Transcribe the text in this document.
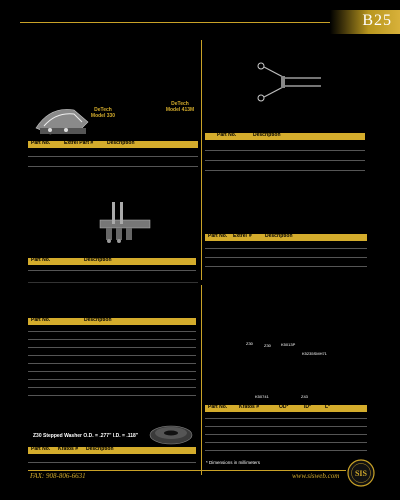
B25
DeTech
Model 330
DeTech
Model 413M
Part No.	Extrel Part #	Description
Part No.	Description
Part No.	Description
Part No. Extrel #	Description
Part No.	Description
Z30 Stepped Washer O.D. = .277" I.D. = .118"
Part No. Kratos # Description
Z30	Z30	K5013P
K5235SMH71
K50741	Z43
Part No. Kratos #	OD*	ID*	L*
* Dimensions in millimeters
FAX: 908-806-6631	www.sisweb.com SIS
